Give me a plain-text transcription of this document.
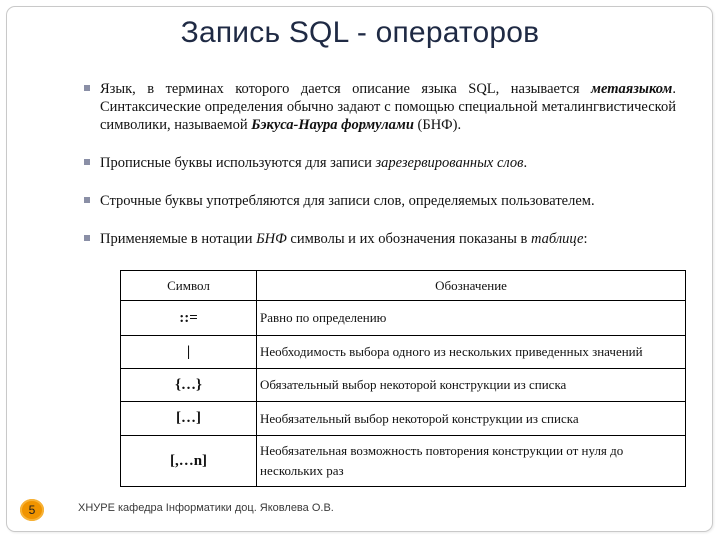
Запись SQL - операторов
Язык, в терминах которого дается описание языка SQL, называется метаязыком. Синтаксические определения обычно задают с помощью специальной металингвистической символики, называемой Бэкуса-Наура формулами (БНФ).
Прописные буквы используются для записи зарезервированных слов.
Строчные буквы употребляются для записи слов, определяемых пользователем.
Применяемые в нотации БНФ символы и их обозначения показаны в таблице:
Символ	Обозначение
::=	Равно по определению
|	Необходимость выбора одного из нескольких приведенных значений
{…}	Обязательный выбор некоторой конструкции из списка
[…]	Необязательный выбор некоторой конструкции из списка
[,…n]	Необязательная возможность повторения конструкции от нуля до нескольких раз
5	ХНУРЕ кафедра Інформатики доц. Яковлева О.В.
